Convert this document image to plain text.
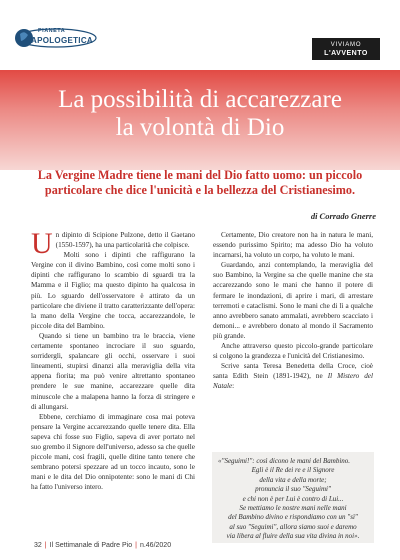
PIANETA
APOLOGETICA	VIVIAMO
L'AVVENTO
La possibilità di accarezzare
la volontà di Dio
La Vergine Madre tiene le mani del Dio fatto uomo: un piccolo
particolare che dice l'unicità e la bellezza del Cristianesimo.
di Corrado Gnerre

Un dipinto di Scipione Pulzone, detto il Gaetano (1550-1597), ha una particolarità che colpisce.

Molti sono i dipinti che raffigurano la Vergine con il divino Bambino, così come molti sono i dipinti che raffigurano lo scambio di sguardi tra la Mamma e il Figlio; ma questo dipinto ha qualcosa in più. Lo sguardo dell'osservatore è attirato da un particolare che diviene il tratto caratterizzante dell'opera: la mano della Vergine che tocca, accarezzandole, le piccole dita del Bambino.

Quando si tiene un bambino tra le braccia, viene certamente spontaneo incrociare il suo sguardo, sorridergli, spalancare gli occhi, osservare i suoi lineamenti, stupirsi dinanzi alla meraviglia della vita appena fiorita; ma può venire altrettanto spontaneo prendere le sue manine, accarezzare quelle dita minuscole che a malapena hanno la forza di stringere e di allungarsi.

Ebbene, cerchiamo di immaginare cosa mai poteva pensare la Vergine accarezzando quelle tenere dita. Ella sapeva chi fosse suo Figlio, sapeva di aver portato nel suo grembo il Signore dell'universo, adesso sa che quelle piccole mani, così fragili, quelle ditine tanto tenere che sembrano potersi spezzare ad un tocco incauto, sono le mani e le dita del Dio onnipotente: sono le mani di Chi ha fatto l'universo intero.

Certamente, Dio creatore non ha in natura le mani, essendo purissimo Spirito; ma adesso Dio ha voluto incarnarsi, ha voluto un corpo, ha voluto le mani.

Guardando, anzi contemplando, la meraviglia del suo Bambino, la Vergine sa che quelle manine che sta accarezzando sono le mani che hanno il potere di fermare le inondazioni, di aprire i mari, di arrestare terremoti e cataclismi. Sono le mani che di lì a qualche anno avrebbero sanato ammalati, avrebbero scacciato i demoni... e avrebbero donato al mondo il Sacramento più grande.

Anche attraverso questo piccolo-grande particolare si colgono la grandezza e l'unicità del Cristianesimo.

Scrive santa Teresa Benedetta della Croce, cioè santa Edith Stein (1891-1942), ne Il Mistero del Natale:

«"Seguimi!": così dicono le mani del Bambino.
Egli è il Re dei re e il Signore
della vita e della morte;
pronuncia il suo "Seguimi"
e chi non è per Lui è contro di Lui...
Se mettiamo le nostre mani nelle mani
del Bambino divino e rispondiamo con un "sì"
al suo "Seguimi", allora siamo suoi e daremo
via libera al fluire della sua vita divina in noi».
32 | Il Settimanale di Padre Pio | n.46/2020
